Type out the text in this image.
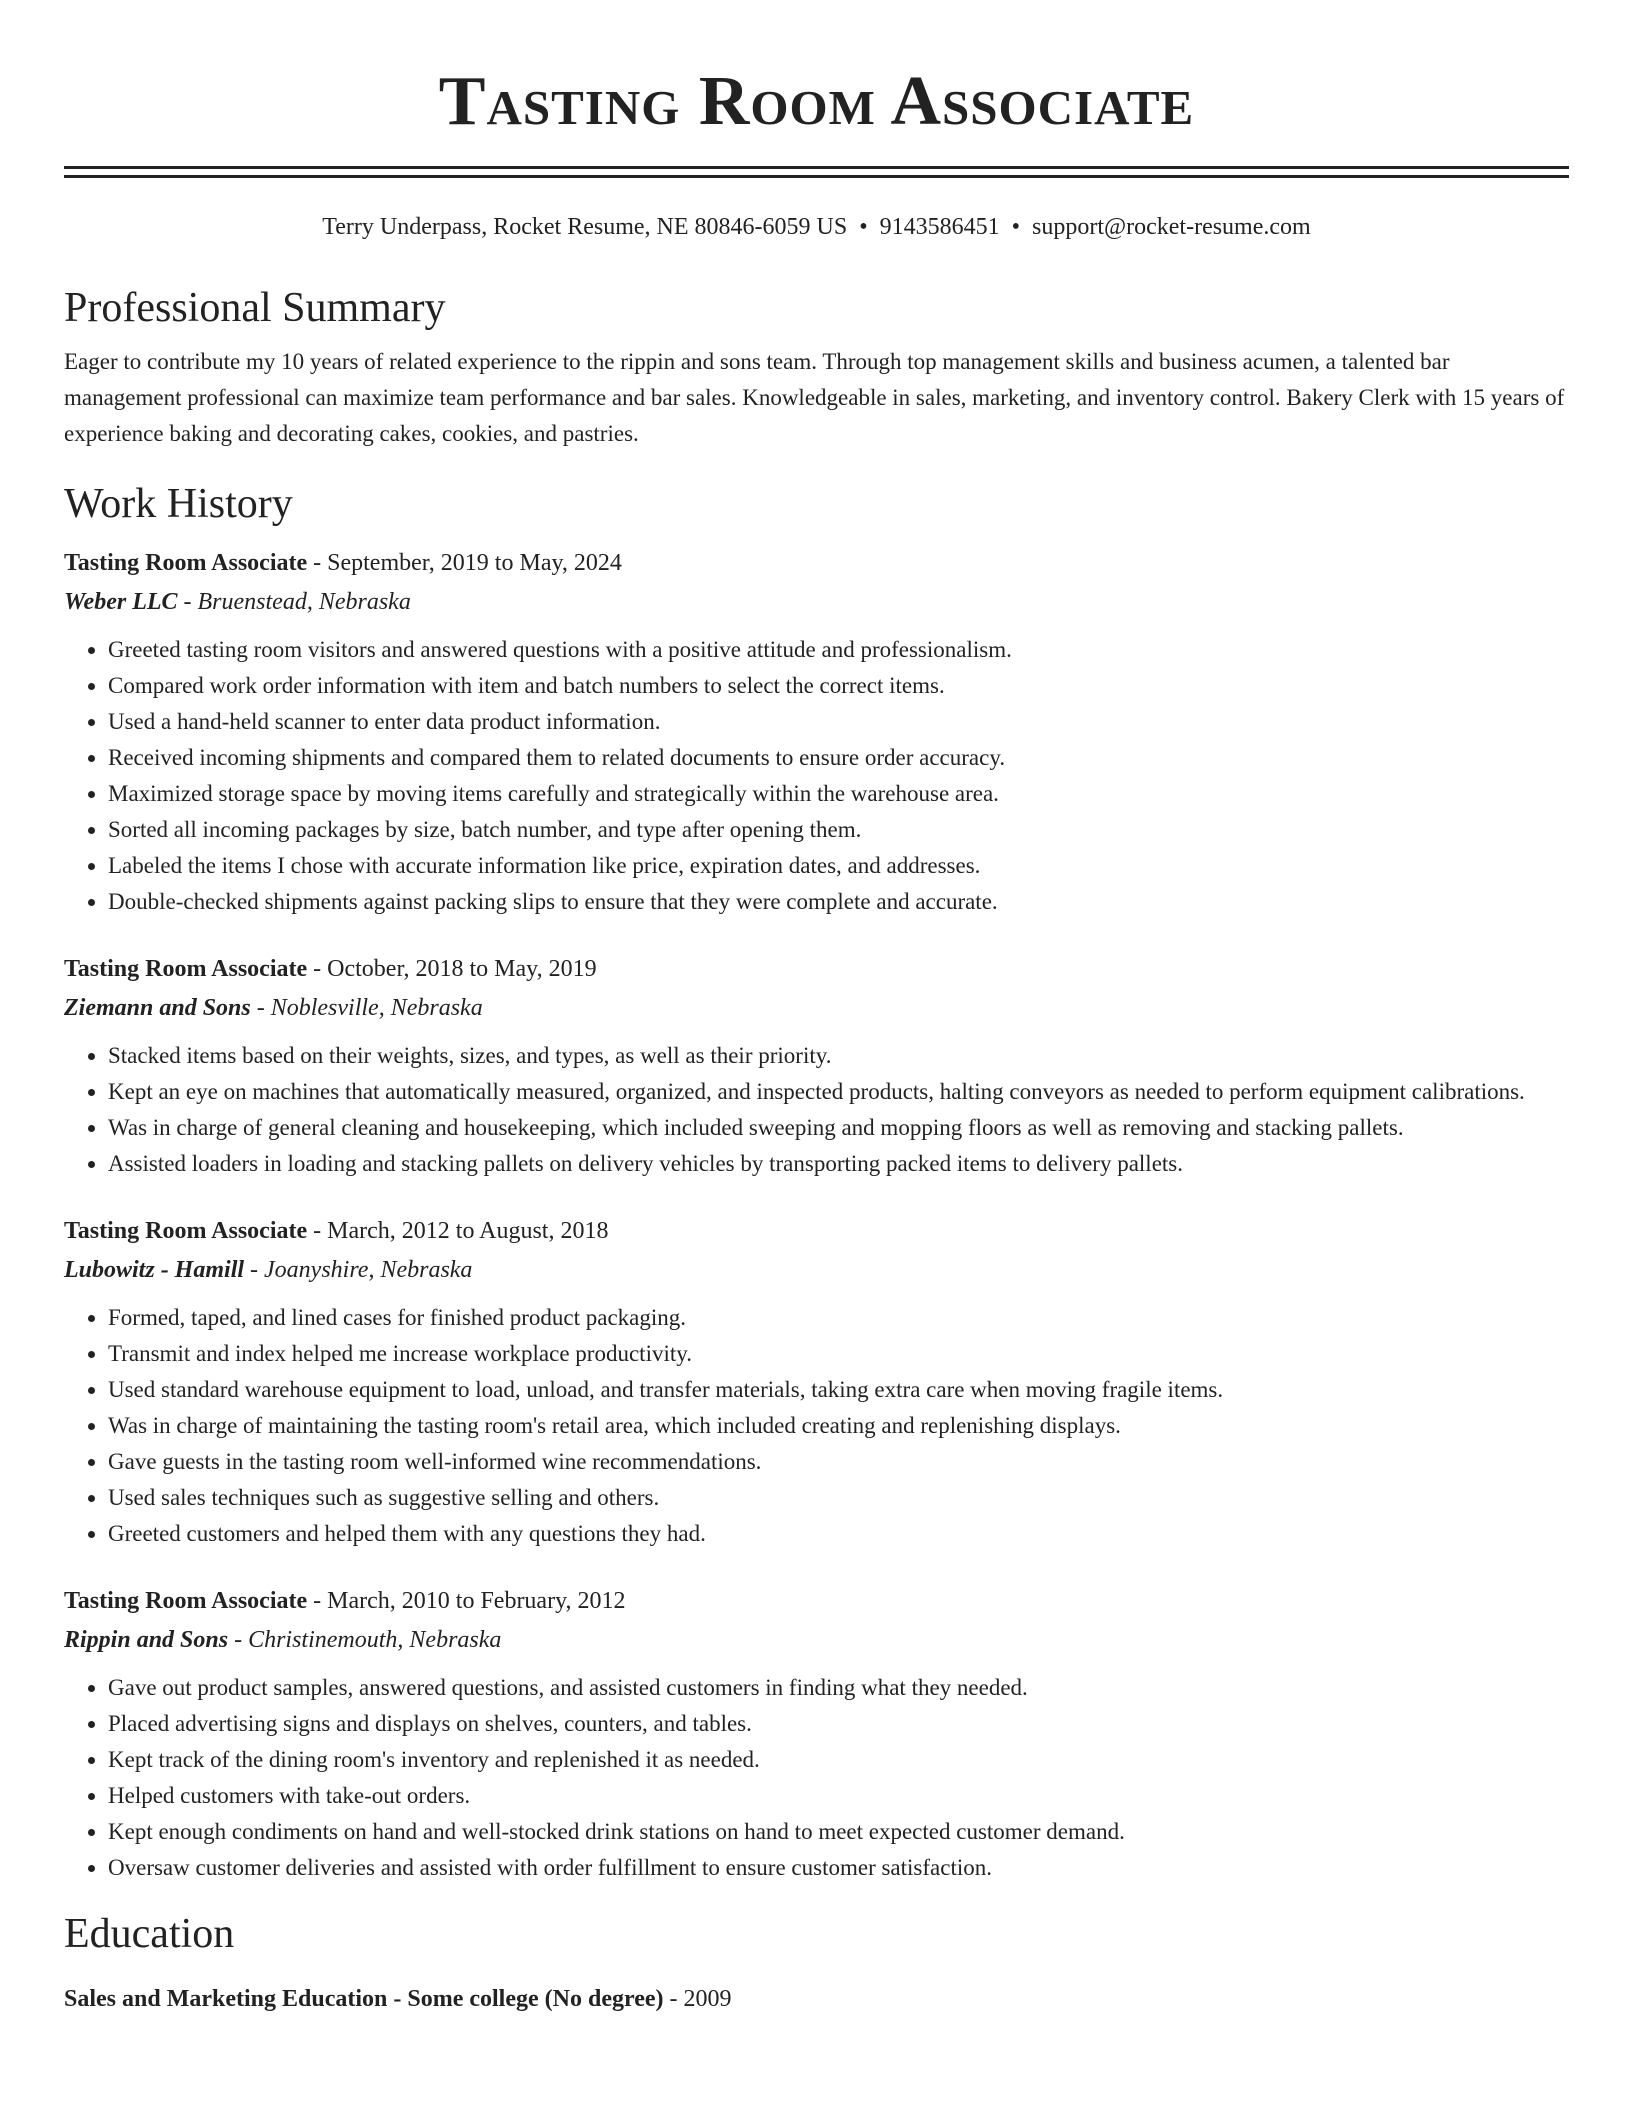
Tasting Room Associate
Terry Underpass, Rocket Resume, NE 80846-6059 US • 9143586451 • support@rocket-resume.com
Professional Summary
Eager to contribute my 10 years of related experience to the rippin and sons team. Through top management skills and business acumen, a talented bar management professional can maximize team performance and bar sales. Knowledgeable in sales, marketing, and inventory control. Bakery Clerk with 15 years of experience baking and decorating cakes, cookies, and pastries.
Work History
Tasting Room Associate - September, 2019 to May, 2024
Weber LLC - Bruenstead, Nebraska
• Greeted tasting room visitors and answered questions with a positive attitude and professionalism.
• Compared work order information with item and batch numbers to select the correct items.
• Used a hand-held scanner to enter data product information.
• Received incoming shipments and compared them to related documents to ensure order accuracy.
• Maximized storage space by moving items carefully and strategically within the warehouse area.
• Sorted all incoming packages by size, batch number, and type after opening them.
• Labeled the items I chose with accurate information like price, expiration dates, and addresses.
• Double-checked shipments against packing slips to ensure that they were complete and accurate.
Tasting Room Associate - October, 2018 to May, 2019
Ziemann and Sons - Noblesville, Nebraska
• Stacked items based on their weights, sizes, and types, as well as their priority.
• Kept an eye on machines that automatically measured, organized, and inspected products, halting conveyors as needed to perform equipment calibrations.
• Was in charge of general cleaning and housekeeping, which included sweeping and mopping floors as well as removing and stacking pallets.
• Assisted loaders in loading and stacking pallets on delivery vehicles by transporting packed items to delivery pallets.
Tasting Room Associate - March, 2012 to August, 2018
Lubowitz - Hamill - Joanyshire, Nebraska
• Formed, taped, and lined cases for finished product packaging.
• Transmit and index helped me increase workplace productivity.
• Used standard warehouse equipment to load, unload, and transfer materials, taking extra care when moving fragile items.
• Was in charge of maintaining the tasting room's retail area, which included creating and replenishing displays.
• Gave guests in the tasting room well-informed wine recommendations.
• Used sales techniques such as suggestive selling and others.
• Greeted customers and helped them with any questions they had.
Tasting Room Associate - March, 2010 to February, 2012
Rippin and Sons - Christinemouth, Nebraska
• Gave out product samples, answered questions, and assisted customers in finding what they needed.
• Placed advertising signs and displays on shelves, counters, and tables.
• Kept track of the dining room's inventory and replenished it as needed.
• Helped customers with take-out orders.
• Kept enough condiments on hand and well-stocked drink stations on hand to meet expected customer demand.
• Oversaw customer deliveries and assisted with order fulfillment to ensure customer satisfaction.
Education
Sales and Marketing Education - Some college (No degree) - 2009
